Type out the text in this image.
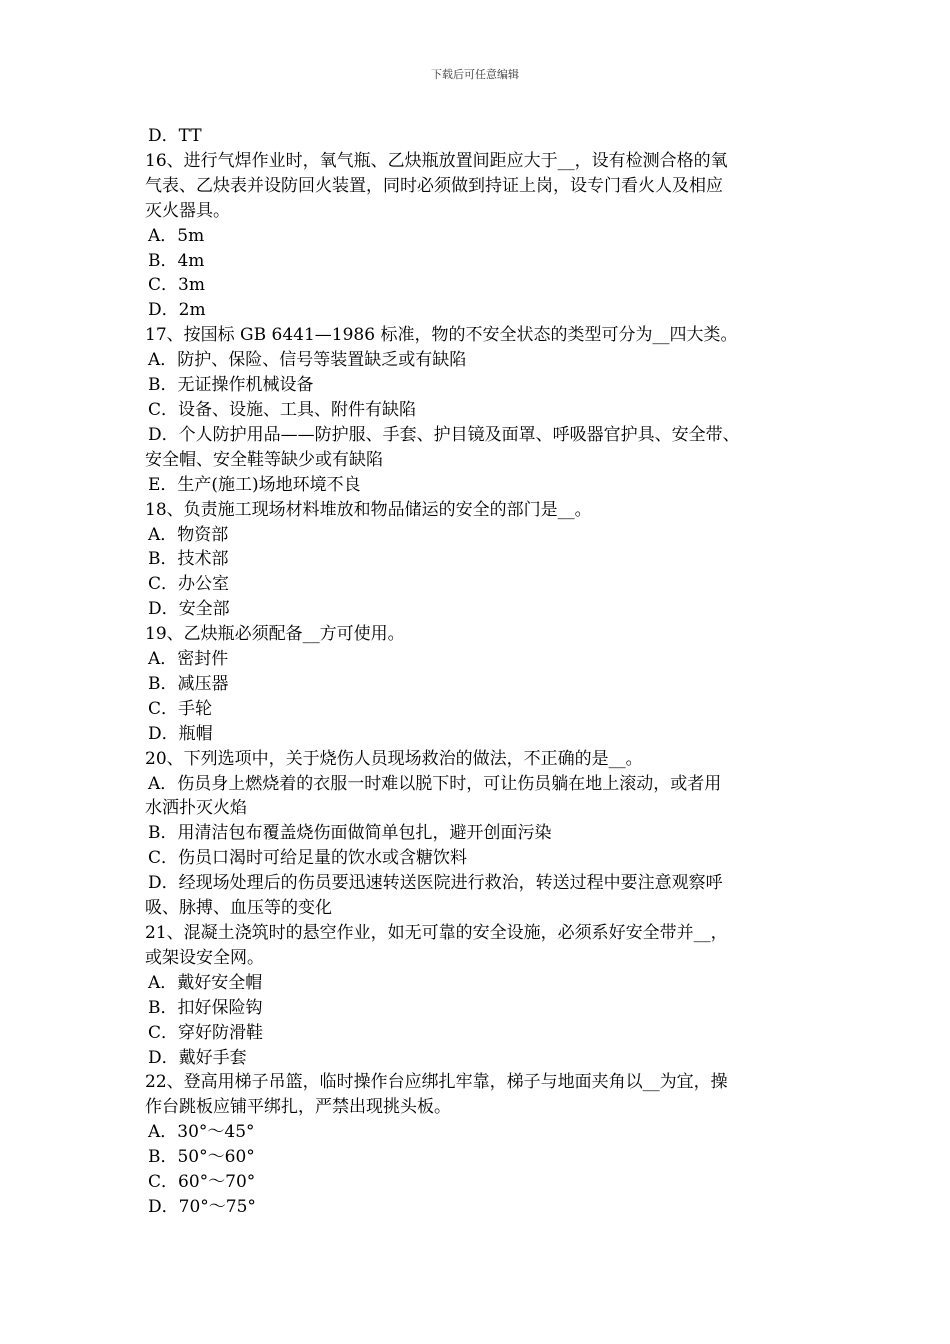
下载后可任意编辑
D．TT
16、进行气焊作业时，氧气瓶、乙炔瓶放置间距应大于__，设有检测合格的氧
气表、乙炔表并设防回火装置，同时必须做到持证上岗，设专门看火人及相应
灭火器具。
A．5m
B．4m
C．3m
D．2m
17、按国标 GB 6441—1986 标准，物的不安全状态的类型可分为__四大类。
A．防护、保险、信号等装置缺乏或有缺陷
B．无证操作机械设备
C．设备、设施、工具、附件有缺陷
D．个人防护用品——防护服、手套、护目镜及面罩、呼吸器官护具、安全带、
安全帽、安全鞋等缺少或有缺陷
E．生产(施工)场地环境不良
18、负责施工现场材料堆放和物品储运的安全的部门是__。
A．物资部
B．技术部
C．办公室
D．安全部
19、乙炔瓶必须配备__方可使用。
A．密封件
B．减压器
C．手轮
D．瓶帽
20、下列选项中，关于烧伤人员现场救治的做法，不正确的是__。
A．伤员身上燃烧着的衣服一时难以脱下时，可让伤员躺在地上滚动，或者用
水洒扑灭火焰
B．用清洁包布覆盖烧伤面做简单包扎，避开创面污染
C．伤员口渴时可给足量的饮水或含糖饮料
D．经现场处理后的伤员要迅速转送医院进行救治，转送过程中要注意观察呼
吸、脉搏、血压等的变化
21、混凝土浇筑时的悬空作业，如无可靠的安全设施，必须系好安全带并__，
或架设安全网。
A．戴好安全帽
B．扣好保险钩
C．穿好防滑鞋
D．戴好手套
22、登高用梯子吊篮，临时操作台应绑扎牢靠，梯子与地面夹角以__为宜，操
作台跳板应铺平绑扎，严禁出现挑头板。
A．30°～45°
B．50°～60°
C．60°～70°
D．70°～75°
